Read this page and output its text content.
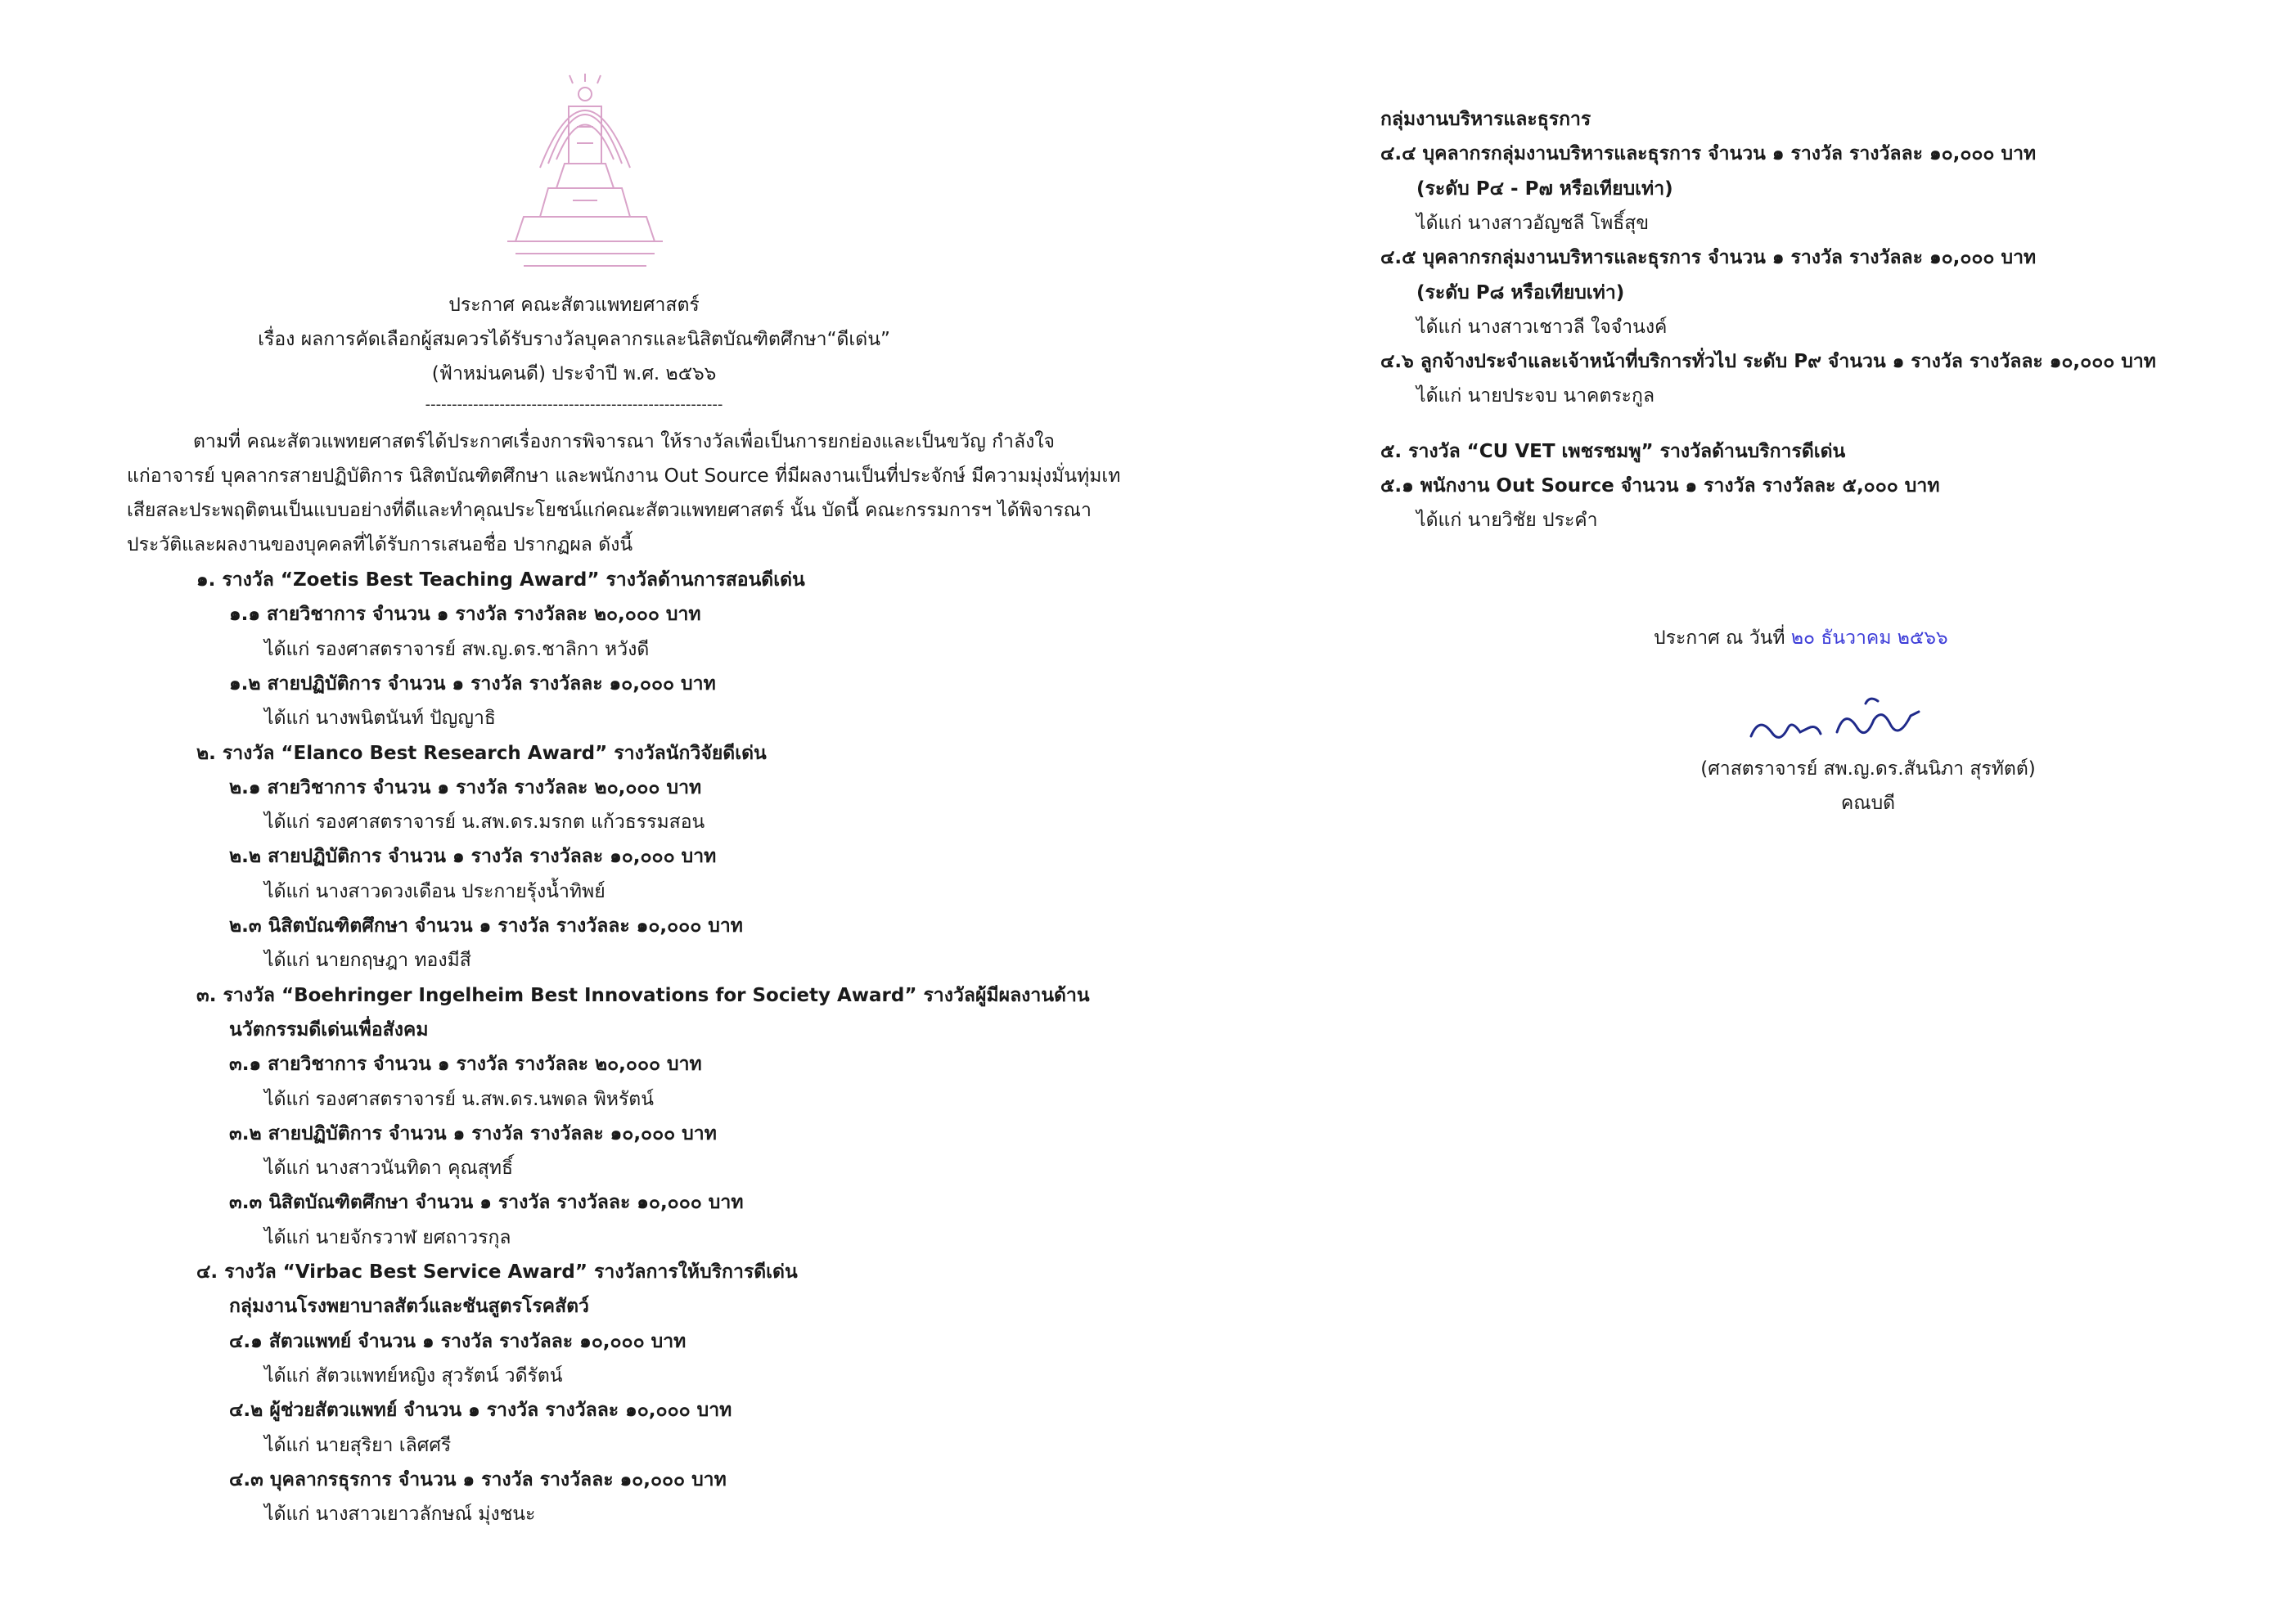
ประกาศ คณะสัตวแพทยศาสตร์
เรื่อง ผลการคัดเลือกผู้สมควรได้รับรางวัลบุคลากรและนิสิตบัณฑิตศึกษา“ดีเด่น”
(ฟ้าหม่นคนดี) ประจำปี พ.ศ. ๒๕๖๖
--------------------------------------------------------
ตามที่ คณะสัตวแพทยศาสตร์ได้ประกาศเรื่องการพิจารณา ให้รางวัลเพื่อเป็นการยกย่องและเป็นขวัญ กำลังใจ
แก่อาจารย์ บุคลากรสายปฏิบัติการ นิสิตบัณฑิตศึกษา และพนักงาน Out Source ที่มีผลงานเป็นที่ประจักษ์ มีความมุ่งมั่นทุ่มเท
เสียสละประพฤติตนเป็นแบบอย่างที่ดีและทำคุณประโยชน์แก่คณะสัตวแพทยศาสตร์ นั้น บัดนี้ คณะกรรมการฯ ได้พิจารณา
ประวัติและผลงานของบุคคลที่ได้รับการเสนอชื่อ ปรากฏผล ดังนี้
๑. รางวัล “Zoetis Best Teaching Award” รางวัลด้านการสอนดีเด่น
๑.๑ สายวิชาการ จำนวน ๑ รางวัล รางวัลละ ๒๐,๐๐๐ บาท
ได้แก่ รองศาสตราจารย์ สพ.ญ.ดร.ชาลิกา หวังดี
๑.๒ สายปฏิบัติการ จำนวน ๑ รางวัล รางวัลละ ๑๐,๐๐๐ บาท
ได้แก่ นางพนิตนันท์ ปัญญาธิ
๒. รางวัล “Elanco Best Research Award” รางวัลนักวิจัยดีเด่น
๒.๑ สายวิชาการ จำนวน ๑ รางวัล รางวัลละ ๒๐,๐๐๐ บาท
ได้แก่ รองศาสตราจารย์ น.สพ.ดร.มรกต แก้วธรรมสอน
๒.๒ สายปฏิบัติการ จำนวน ๑ รางวัล รางวัลละ ๑๐,๐๐๐ บาท
ได้แก่ นางสาวดวงเดือน ประกายรุ้งน้ำทิพย์
๒.๓ นิสิตบัณฑิตศึกษา จำนวน ๑ รางวัล รางวัลละ ๑๐,๐๐๐ บาท
ได้แก่ นายกฤษฎา ทองมีสี
๓. รางวัล “Boehringer Ingelheim Best Innovations for Society Award” รางวัลผู้มีผลงานด้าน
นวัตกรรมดีเด่นเพื่อสังคม
๓.๑ สายวิชาการ จำนวน ๑ รางวัล รางวัลละ ๒๐,๐๐๐ บาท
ได้แก่ รองศาสตราจารย์ น.สพ.ดร.นพดล พิหรัตน์
๓.๒ สายปฏิบัติการ จำนวน ๑ รางวัล รางวัลละ ๑๐,๐๐๐ บาท
ได้แก่ นางสาวนันทิดา คุณสุทธิ์
๓.๓ นิสิตบัณฑิตศึกษา จำนวน ๑ รางวัล รางวัลละ ๑๐,๐๐๐ บาท
ได้แก่ นายจักรวาฬ ยศถาวรกุล
๔. รางวัล “Virbac Best Service Award” รางวัลการให้บริการดีเด่น
กลุ่มงานโรงพยาบาลสัตว์และชันสูตรโรคสัตว์
๔.๑ สัตวแพทย์ จำนวน ๑ รางวัล รางวัลละ ๑๐,๐๐๐ บาท
ได้แก่ สัตวแพทย์หญิง สุวรัตน์ วดีรัตน์
๔.๒ ผู้ช่วยสัตวแพทย์ จำนวน ๑ รางวัล รางวัลละ ๑๐,๐๐๐ บาท
ได้แก่ นายสุริยา เลิศศรี
๔.๓ บุคลากรธุรการ จำนวน ๑ รางวัล รางวัลละ ๑๐,๐๐๐ บาท
ได้แก่ นางสาวเยาวลักษณ์ มุ่งชนะ
กลุ่มงานบริหารและธุรการ
๔.๔ บุคลากรกลุ่มงานบริหารและธุรการ จำนวน ๑ รางวัล รางวัลละ ๑๐,๐๐๐ บาท
(ระดับ P๔ - P๗ หรือเทียบเท่า)
ได้แก่ นางสาวอัญชลี โพธิ์สุข
๔.๕ บุคลากรกลุ่มงานบริหารและธุรการ จำนวน ๑ รางวัล รางวัลละ ๑๐,๐๐๐ บาท
(ระดับ P๘ หรือเทียบเท่า)
ได้แก่ นางสาวเชาวลี ใจจำนงค์
๔.๖ ลูกจ้างประจำและเจ้าหน้าที่บริการทั่วไป ระดับ P๙ จำนวน ๑ รางวัล รางวัลละ ๑๐,๐๐๐ บาท
ได้แก่ นายประจบ นาคตระกูล
๕. รางวัล “CU VET เพชรชมพู” รางวัลด้านบริการดีเด่น
๕.๑ พนักงาน Out Source จำนวน ๑ รางวัล รางวัลละ ๕,๐๐๐ บาท
ได้แก่ นายวิชัย ประคำ
ประกาศ ณ วันที่ ๒๐ ธันวาคม ๒๕๖๖
(ศาสตราจารย์ สพ.ญ.ดร.สันนิภา สุรทัตต์)
คณบดี
